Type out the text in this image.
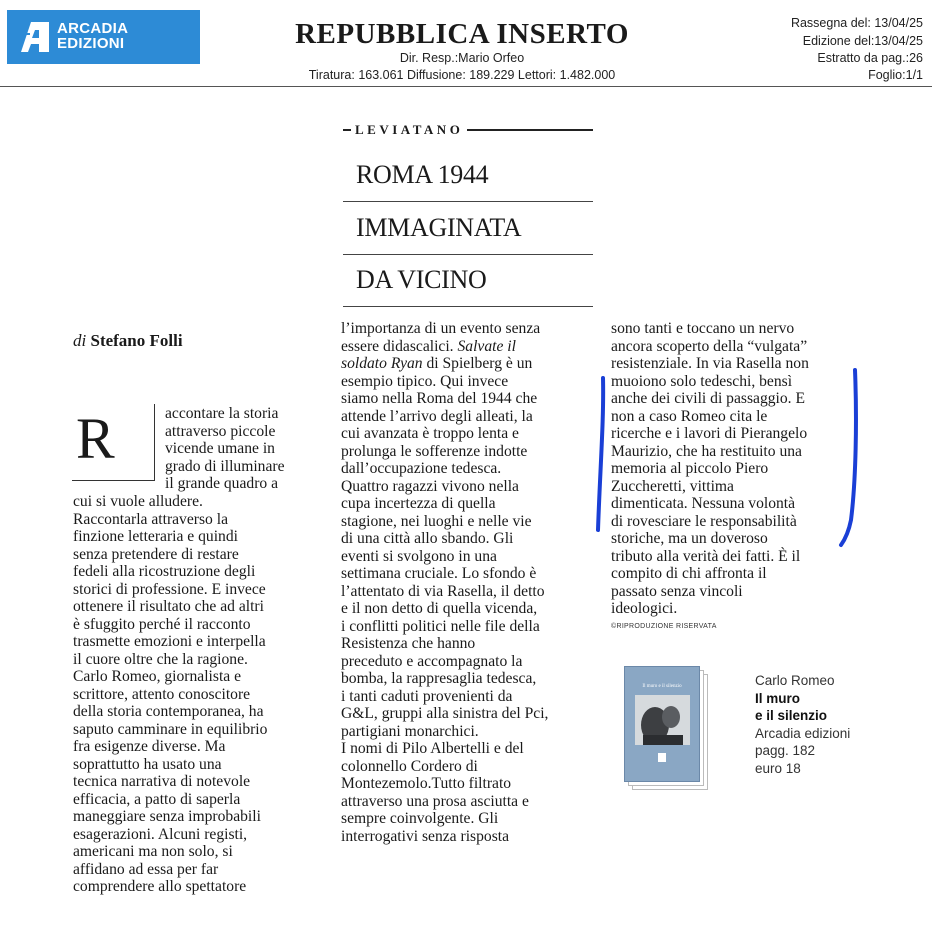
ARCADIA
EDIZIONI	REPUBBLICA INSERTO
Dir. Resp.:Mario Orfeo
Tiratura: 163.061 Diffusione: 189.229 Lettori: 1.482.000
Rassegna del: 13/04/25
Edizione del:13/04/25
Estratto da pag.:26
Foglio:1/1
LEVIATANO
ROMA 1944
IMMAGINATA
DA VICINO
di Stefano Folli
R	accontare la storia
attraverso piccole
vicende umane in
grado di illuminare
il grande quadro a
cui si vuole alludere.
Raccontarla attraverso la
finzione letteraria e quindi
senza pretendere di restare
fedeli alla ricostruzione degli
storici di professione. E invece
ottenere il risultato che ad altri
è sfuggito perché il racconto
trasmette emozioni e interpella
il cuore oltre che la ragione.
Carlo Romeo, giornalista e
scrittore, attento conoscitore
della storia contemporanea, ha
saputo camminare in equilibrio
fra esigenze diverse. Ma
soprattutto ha usato una
tecnica narrativa di notevole
efficacia, a patto di saperla
maneggiare senza improbabili
esagerazioni. Alcuni registi,
americani ma non solo, si
affidano ad essa per far
comprendere allo spettatore
l’importanza di un evento senza
essere didascalici. Salvate il
soldato Ryan di Spielberg è un
esempio tipico. Qui invece
siamo nella Roma del 1944 che
attende l’arrivo degli alleati, la
cui avanzata è troppo lenta e
prolunga le sofferenze indotte
dall’occupazione tedesca.
Quattro ragazzi vivono nella
cupa incertezza di quella
stagione, nei luoghi e nelle vie
di una città allo sbando. Gli
eventi si svolgono in una
settimana cruciale. Lo sfondo è
l’attentato di via Rasella, il detto
e il non detto di quella vicenda,
i conflitti politici nelle file della
Resistenza che hanno
preceduto e accompagnato la
bomba, la rappresaglia tedesca,
i tanti caduti provenienti da
G&L, gruppi alla sinistra del Pci,
partigiani monarchici.
I nomi di Pilo Albertelli e del
colonnello Cordero di
Montezemolo.Tutto filtrato
attraverso una prosa asciutta e
sempre coinvolgente. Gli
interrogativi senza risposta
sono tanti e toccano un nervo
ancora scoperto della “vulgata”
resistenziale. In via Rasella non
muoiono solo tedeschi, bensì
anche dei civili di passaggio. E
non a caso Romeo cita le
ricerche e i lavori di Pierangelo
Maurizio, che ha restituito una
memoria al piccolo Piero
Zuccheretti, vittima
dimenticata. Nessuna volontà
di rovesciare le responsabilità
storiche, ma un doveroso
tributo alla verità dei fatti. È il
compito di chi affronta il
passato senza vincoli
ideologici.
©RIPRODUZIONE RISERVATA
Il muro e il silenzio	Carlo Romeo
Il muro
e il silenzio
Arcadia edizioni
pagg. 182
euro 18
